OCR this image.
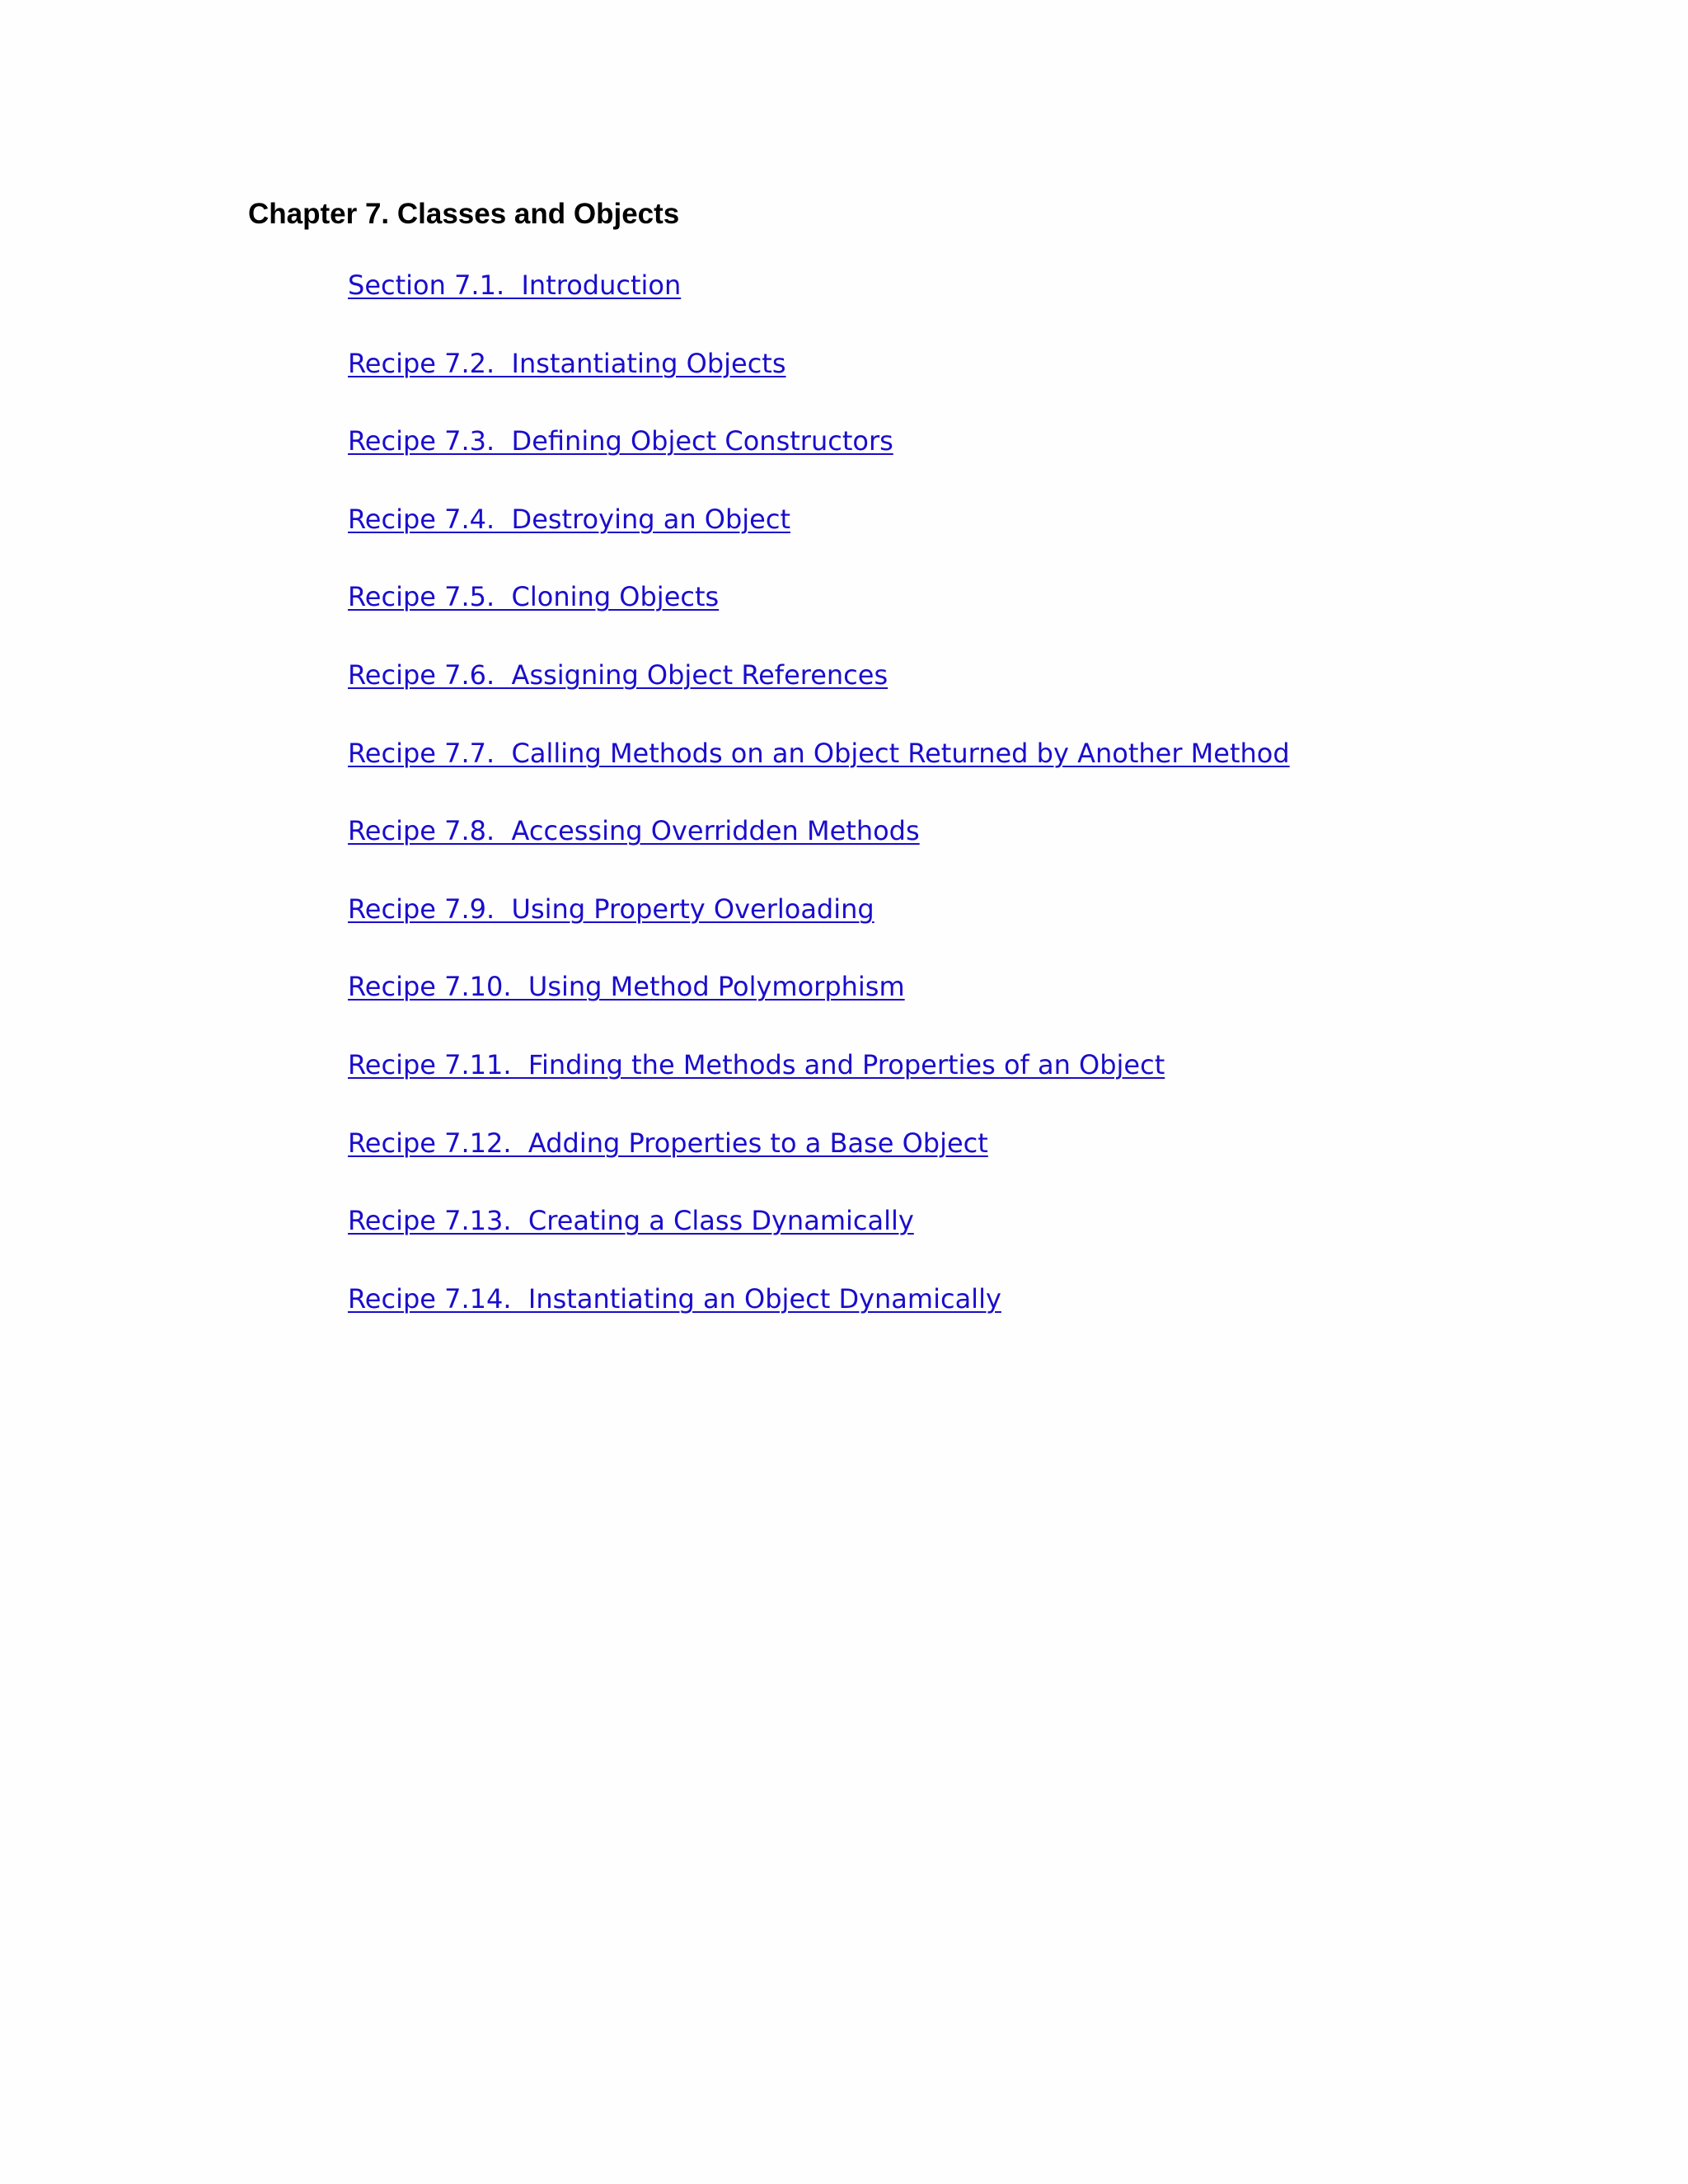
Chapter 7. Classes and Objects
Section 7.1.  Introduction
Recipe 7.2.  Instantiating Objects
Recipe 7.3.  Defining Object Constructors
Recipe 7.4.  Destroying an Object
Recipe 7.5.  Cloning Objects
Recipe 7.6.  Assigning Object References
Recipe 7.7.  Calling Methods on an Object Returned by Another Method
Recipe 7.8.  Accessing Overridden Methods
Recipe 7.9.  Using Property Overloading
Recipe 7.10.  Using Method Polymorphism
Recipe 7.11.  Finding the Methods and Properties of an Object
Recipe 7.12.  Adding Properties to a Base Object
Recipe 7.13.  Creating a Class Dynamically
Recipe 7.14.  Instantiating an Object Dynamically
